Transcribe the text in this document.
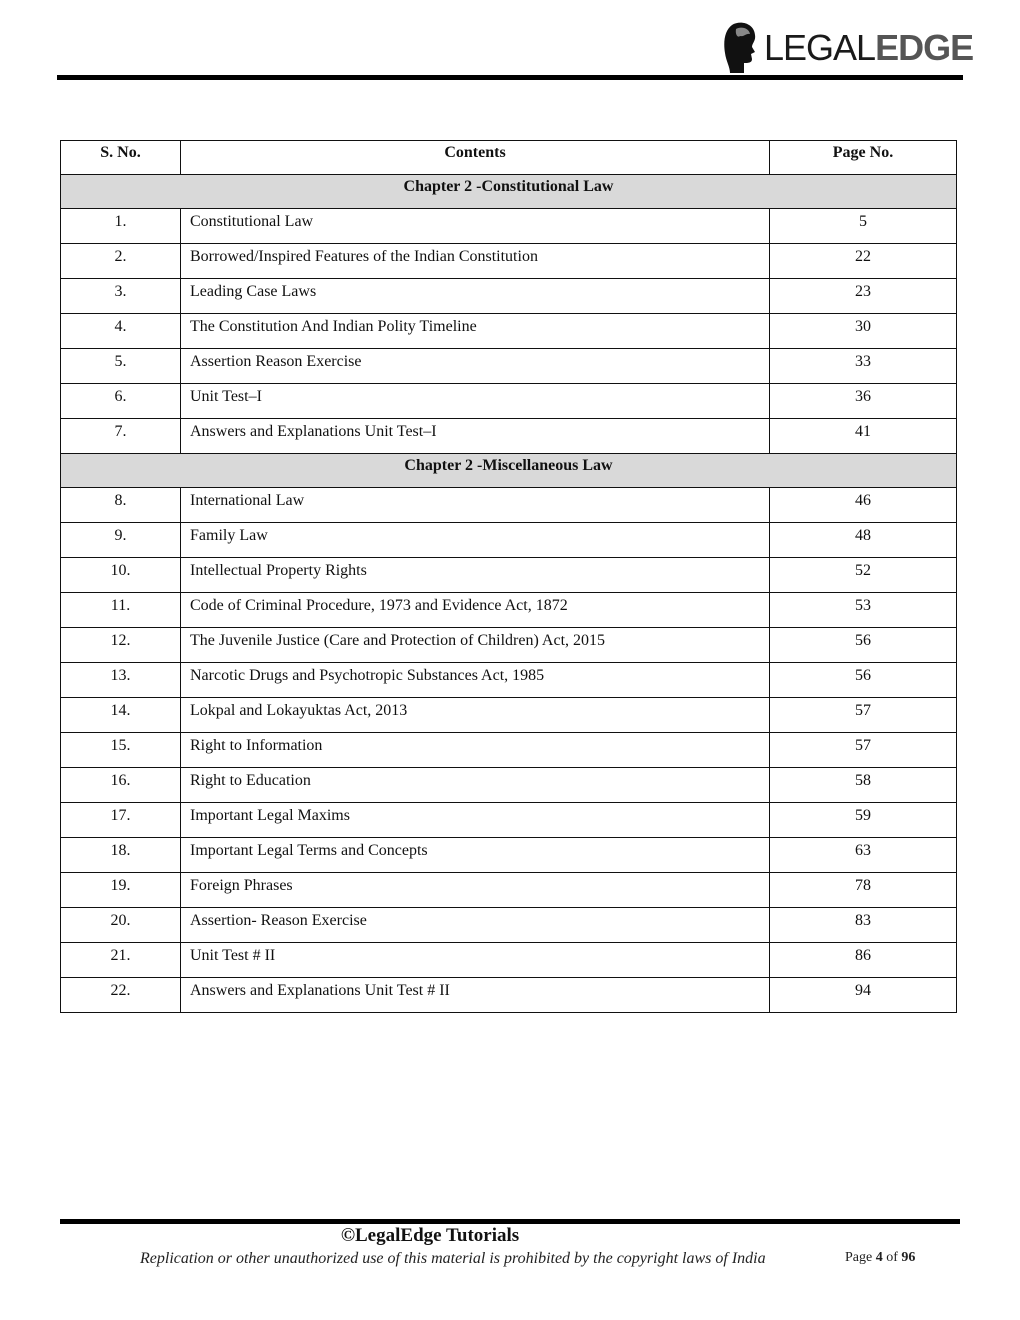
LEGALEDGE
S. No.	Contents	Page No.
Chapter 2 -Constitutional Law		
1.	Constitutional Law	5
2.	Borrowed/Inspired Features of the Indian Constitution	22
3.	Leading Case Laws	23
4.	The Constitution And Indian Polity Timeline	30
5.	Assertion Reason Exercise	33
6.	Unit Test–I	36
7.	Answers and Explanations Unit Test–I	41
Chapter 2 -Miscellaneous Law		
8.	International Law	46
9.	Family Law	48
10.	Intellectual Property Rights	52
11.	Code of Criminal Procedure, 1973 and Evidence Act, 1872	53
12.	The Juvenile Justice (Care and Protection of Children) Act, 2015	56
13.	Narcotic Drugs and Psychotropic Substances Act, 1985	56
14.	Lokpal and Lokayuktas Act, 2013	57
15.	Right to Information	57
16.	Right to Education	58
17.	Important Legal Maxims	59
18.	Important Legal Terms and Concepts	63
19.	Foreign Phrases	78
20.	Assertion- Reason Exercise	83
21.	Unit Test # II	86
22.	Answers and Explanations Unit Test # II	94
©LegalEdge Tutorials
Replication or other unauthorized use of this material is prohibited by the copyright laws of India	Page 4 of 96
